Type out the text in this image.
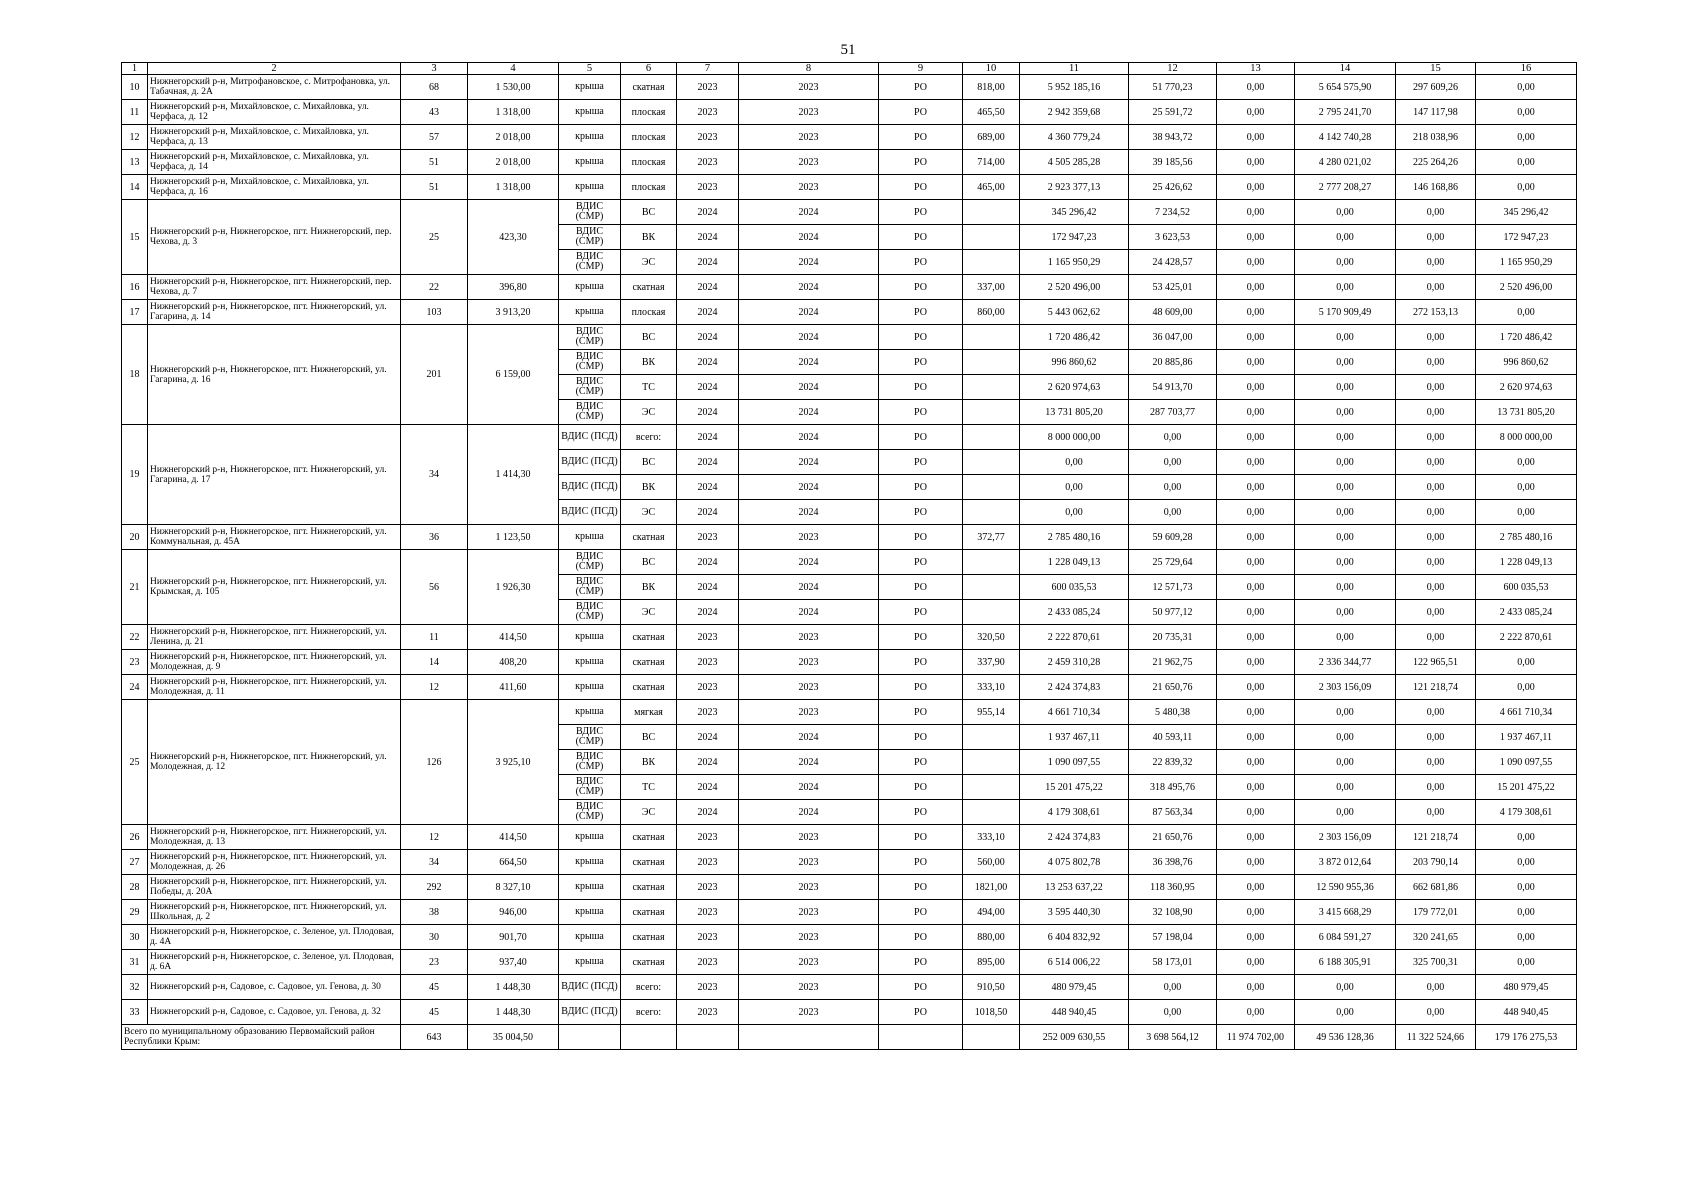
51
1	2	3	4	5	6	7	8	9	10	11	12	13	14	15	16
10	Нижнегорский р-н, Митрофановское, с. Митрофановка, ул. Табачная, д. 2А	68	1 530,00	крыша	скатная	2023	2023	РО	818,00	5 952 185,16	51 770,23	0,00	5 654 575,90	297 609,26	0,00
11	Нижнегорский р-н, Михайловское, с. Михайловка, ул. Черфаса, д. 12	43	1 318,00	крыша	плоская	2023	2023	РО	465,50	2 942 359,68	25 591,72	0,00	2 795 241,70	147 117,98	0,00
12	Нижнегорский р-н, Михайловское, с. Михайловка, ул. Черфаса, д. 13	57	2 018,00	крыша	плоская	2023	2023	РО	689,00	4 360 779,24	38 943,72	0,00	4 142 740,28	218 038,96	0,00
13	Нижнегорский р-н, Михайловское, с. Михайловка, ул. Черфаса, д. 14	51	2 018,00	крыша	плоская	2023	2023	РО	714,00	4 505 285,28	39 185,56	0,00	4 280 021,02	225 264,26	0,00
14	Нижнегорский р-н, Михайловское, с. Михайловка, ул. Черфаса, д. 16	51	1 318,00	крыша	плоская	2023	2023	РО	465,00	2 923 377,13	25 426,62	0,00	2 777 208,27	146 168,86	0,00
15	Нижнегорский р-н, Нижнегорское, пгт. Нижнегорский, пер. Чехова, д. 3	25	423,30	ВДИС (СМР)	ВС	2024	2024	РО		345 296,42	7 234,52	0,00	0,00	0,00	345 296,42
				ВДИС (СМР)	ВК	2024	2024	РО		172 947,23	3 623,53	0,00	0,00	0,00	172 947,23
				ВДИС (СМР)	ЭС	2024	2024	РО		1 165 950,29	24 428,57	0,00	0,00	0,00	1 165 950,29
16	Нижнегорский р-н, Нижнегорское, пгт. Нижнегорский, пер. Чехова, д. 7	22	396,80	крыша	скатная	2024	2024	РО	337,00	2 520 496,00	53 425,01	0,00	0,00	0,00	2 520 496,00
17	Нижнегорский р-н, Нижнегорское, пгт. Нижнегорский, ул. Гагарина, д. 14	103	3 913,20	крыша	плоская	2024	2024	РО	860,00	5 443 062,62	48 609,00	0,00	5 170 909,49	272 153,13	0,00
18	Нижнегорский р-н, Нижнегорское, пгт. Нижнегорский, ул. Гагарина, д. 16	201	6 159,00	ВДИС (СМР)	ВС	2024	2024	РО		1 720 486,42	36 047,00	0,00	0,00	0,00	1 720 486,42
				ВДИС (СМР)	ВК	2024	2024	РО		996 860,62	20 885,86	0,00	0,00	0,00	996 860,62
				ВДИС (СМР)	ТС	2024	2024	РО		2 620 974,63	54 913,70	0,00	0,00	0,00	2 620 974,63
				ВДИС (СМР)	ЭС	2024	2024	РО		13 731 805,20	287 703,77	0,00	0,00	0,00	13 731 805,20
19	Нижнегорский р-н, Нижнегорское, пгт. Нижнегорский, ул. Гагарина, д. 17	34	1 414,30	ВДИС (ПСД)	всего:	2024	2024	РО		8 000 000,00	0,00	0,00	0,00	0,00	8 000 000,00
				ВДИС (ПСД)	ВС	2024	2024	РО		0,00	0,00	0,00	0,00	0,00	0,00
				ВДИС (ПСД)	ВК	2024	2024	РО		0,00	0,00	0,00	0,00	0,00	0,00
				ВДИС (ПСД)	ЭС	2024	2024	РО		0,00	0,00	0,00	0,00	0,00	0,00
20	Нижнегорский р-н, Нижнегорское, пгт. Нижнегорский, ул. Коммунальная, д. 45А	36	1 123,50	крыша	скатная	2023	2023	РО	372,77	2 785 480,16	59 609,28	0,00	0,00	0,00	2 785 480,16
21	Нижнегорский р-н, Нижнегорское, пгт. Нижнегорский, ул. Крымская, д. 105	56	1 926,30	ВДИС (СМР)	ВС	2024	2024	РО		1 228 049,13	25 729,64	0,00	0,00	0,00	1 228 049,13
				ВДИС (СМР)	ВК	2024	2024	РО		600 035,53	12 571,73	0,00	0,00	0,00	600 035,53
				ВДИС (СМР)	ЭС	2024	2024	РО		2 433 085,24	50 977,12	0,00	0,00	0,00	2 433 085,24
22	Нижнегорский р-н, Нижнегорское, пгт. Нижнегорский, ул. Ленина, д. 21	11	414,50	крыша	скатная	2023	2023	РО	320,50	2 222 870,61	20 735,31	0,00	0,00	0,00	2 222 870,61
23	Нижнегорский р-н, Нижнегорское, пгт. Нижнегорский, ул. Молодежная, д. 9	14	408,20	крыша	скатная	2023	2023	РО	337,90	2 459 310,28	21 962,75	0,00	2 336 344,77	122 965,51	0,00
24	Нижнегорский р-н, Нижнегорское, пгт. Нижнегорский, ул. Молодежная, д. 11	12	411,60	крыша	скатная	2023	2023	РО	333,10	2 424 374,83	21 650,76	0,00	2 303 156,09	121 218,74	0,00
25	Нижнегорский р-н, Нижнегорское, пгт. Нижнегорский, ул. Молодежная, д. 12	126	3 925,10	крыша	мягкая	2023	2023	РО	955,14	4 661 710,34	5 480,38	0,00	0,00	0,00	4 661 710,34
				ВДИС (СМР)	ВС	2024	2024	РО		1 937 467,11	40 593,11	0,00	0,00	0,00	1 937 467,11
				ВДИС (СМР)	ВК	2024	2024	РО		1 090 097,55	22 839,32	0,00	0,00	0,00	1 090 097,55
				ВДИС (СМР)	ТС	2024	2024	РО		15 201 475,22	318 495,76	0,00	0,00	0,00	15 201 475,22
				ВДИС (СМР)	ЭС	2024	2024	РО		4 179 308,61	87 563,34	0,00	0,00	0,00	4 179 308,61
26	Нижнегорский р-н, Нижнегорское, пгт. Нижнегорский, ул. Молодежная, д. 13	12	414,50	крыша	скатная	2023	2023	РО	333,10	2 424 374,83	21 650,76	0,00	2 303 156,09	121 218,74	0,00
27	Нижнегорский р-н, Нижнегорское, пгт. Нижнегорский, ул. Молодежная, д. 26	34	664,50	крыша	скатная	2023	2023	РО	560,00	4 075 802,78	36 398,76	0,00	3 872 012,64	203 790,14	0,00
28	Нижнегорский р-н, Нижнегорское, пгт. Нижнегорский, ул. Победы, д. 20А	292	8 327,10	крыша	скатная	2023	2023	РО	1821,00	13 253 637,22	118 360,95	0,00	12 590 955,36	662 681,86	0,00
29	Нижнегорский р-н, Нижнегорское, пгт. Нижнегорский, ул. Школьная, д. 2	38	946,00	крыша	скатная	2023	2023	РО	494,00	3 595 440,30	32 108,90	0,00	3 415 668,29	179 772,01	0,00
30	Нижнегорский р-н, Нижнегорское, с. Зеленое, ул. Плодовая, д. 4А	30	901,70	крыша	скатная	2023	2023	РО	880,00	6 404 832,92	57 198,04	0,00	6 084 591,27	320 241,65	0,00
31	Нижнегорский р-н, Нижнегорское, с. Зеленое, ул. Плодовая, д. 6А	23	937,40	крыша	скатная	2023	2023	РО	895,00	6 514 006,22	58 173,01	0,00	6 188 305,91	325 700,31	0,00
32	Нижнегорский р-н, Садовое, с. Садовое, ул. Генова, д. 30	45	1 448,30	ВДИС (ПСД)	всего:	2023	2023	РО	910,50	480 979,45	0,00	0,00	0,00	0,00	480 979,45
33	Нижнегорский р-н, Садовое, с. Садовое, ул. Генова, д. 32	45	1 448,30	ВДИС (ПСД)	всего:	2023	2023	РО	1018,50	448 940,45	0,00	0,00	0,00	0,00	448 940,45
Всего по муниципальному образованию Первомайский район Республики Крым:		643	35 004,50							252 009 630,55	3 698 564,12	11 974 702,00	49 536 128,36	11 322 524,66	179 176 275,53
